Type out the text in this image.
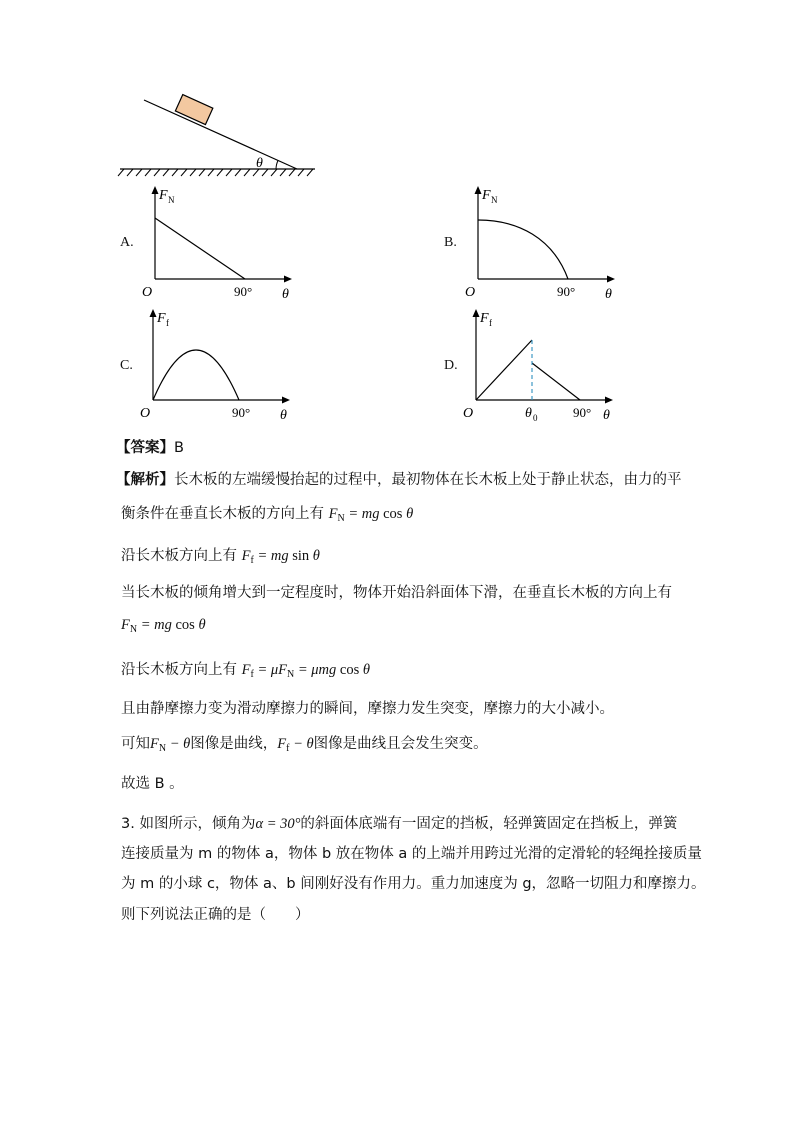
θ
A.
F N
O	90° θ
B.
F N
O	90° θ
C.
F f
O	90° θ
D.
F f
O	θ 0	90° θ
【答案】B
【解析】长木板的左端缓慢抬起的过程中，最初物体在长木板上处于静止状态，由力的平
衡条件在垂直长木板的方向上有 $F_N$ = mg cos θ
沿长木板方向上有 $F_f$ = mg sin θ
当长木板的倾角增大到一定程度时，物体开始沿斜面体下滑，在垂直长木板的方向上有
$F_N$ = mg cos θ
沿长木板方向上有 $F_f = \mu F_N = \mu mg$ cos θ
且由静摩擦力变为滑动摩擦力的瞬间，摩擦力发生突变，摩擦力的大小减小。
可知$F_N - \theta$图像是曲线，$F_f - \theta$图像是曲线且会发生突变。
故选 B 。
3. 如图所示，倾角为α = 30°的斜面体底端有一固定的挡板，轻弹簧固定在挡板上，弹簧
连接质量为 m 的物体 a，物体 b 放在物体 a 的上端并用跨过光滑的定滑轮的轻绳拴接质量
为 m 的小球 c，物体 a、b 间刚好没有作用力。重力加速度为 g，忽略一切阻力和摩擦力。
则下列说法正确的是（　　）
